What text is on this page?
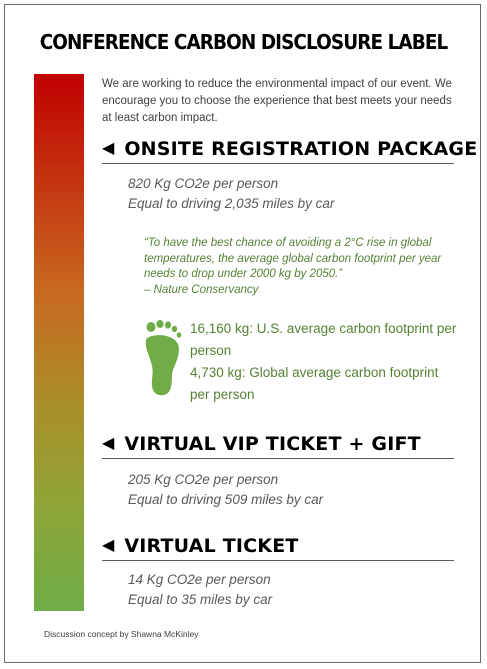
CONFERENCE CARBON DISCLOSURE LABEL
We are working to reduce the environmental impact of our event. We encourage you to choose the experience that best meets your needs at least carbon impact.
◀ ONSITE REGISTRATION PACKAGE
820 Kg CO2e per person
Equal to driving 2,035 miles by car
“To have the best chance of avoiding a 2°C rise in global temperatures, the average global carbon footprint per year needs to drop under 2000 kg by 2050.”
– Nature Conservancy
16,160 kg: U.S. average carbon footprint per person
4,730 kg: Global average carbon footprint per person
◀ VIRTUAL VIP TICKET + GIFT
205 Kg CO2e per person
Equal to driving 509 miles by car
◀ VIRTUAL TICKET
14 Kg CO2e per person
Equal to 35 miles by car
Discussion concept by Shawna McKinley
